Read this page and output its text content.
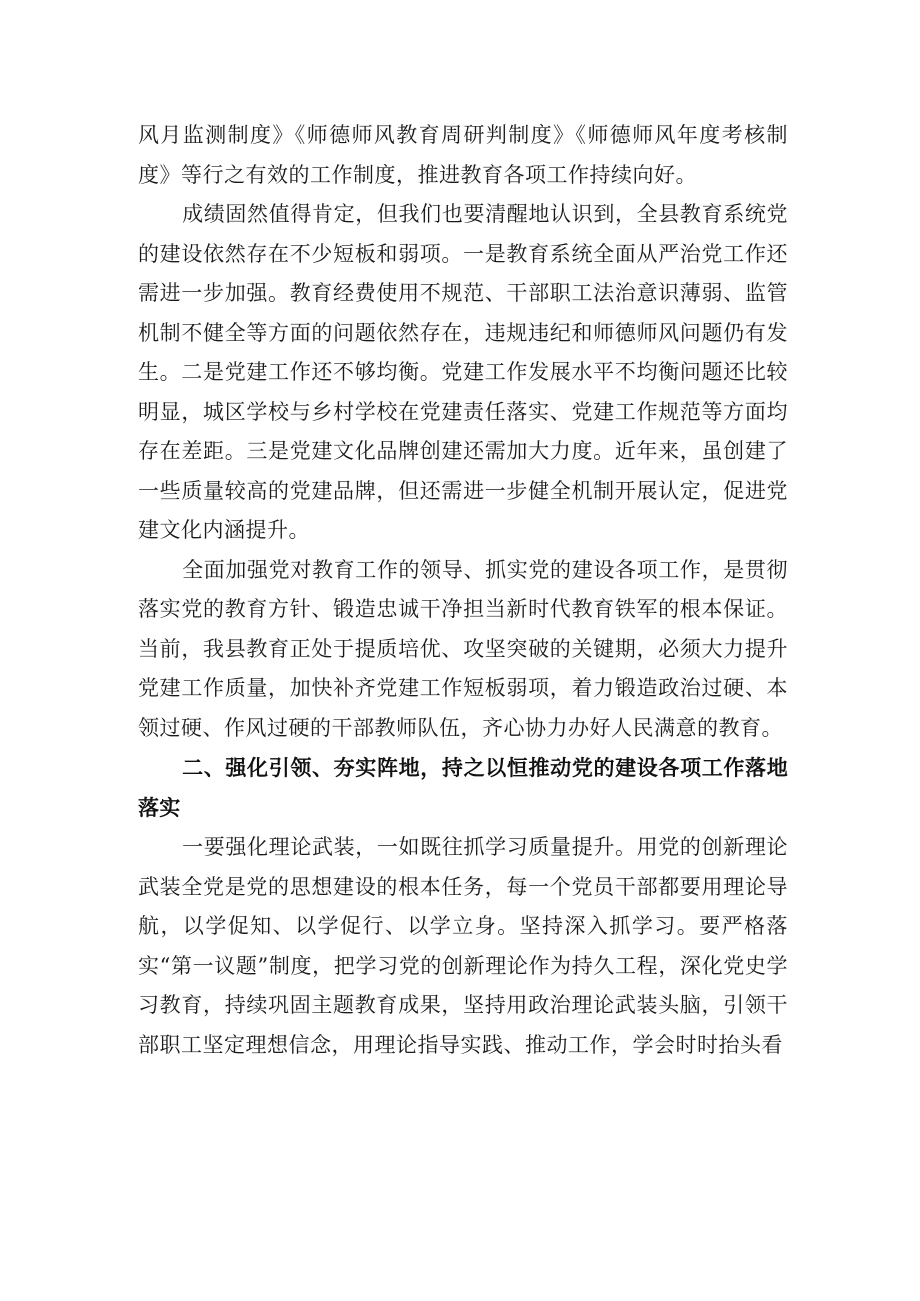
风月监测制度》《师德师风教育周研判制度》《师德师风年度考核制度》等行之有效的工作制度，推进教育各项工作持续向好。

成绩固然值得肯定，但我们也要清醒地认识到，全县教育系统党的建设依然存在不少短板和弱项。一是教育系统全面从严治党工作还需进一步加强。教育经费使用不规范、干部职工法治意识薄弱、监管机制不健全等方面的问题依然存在，违规违纪和师德师风问题仍有发生。二是党建工作还不够均衡。党建工作发展水平不均衡问题还比较明显，城区学校与乡村学校在党建责任落实、党建工作规范等方面均存在差距。三是党建文化品牌创建还需加大力度。近年来，虽创建了一些质量较高的党建品牌，但还需进一步健全机制开展认定，促进党建文化内涵提升。

全面加强党对教育工作的领导、抓实党的建设各项工作，是贯彻落实党的教育方针、锻造忠诚干净担当新时代教育铁军的根本保证。当前，我县教育正处于提质培优、攻坚突破的关键期，必须大力提升党建工作质量，加快补齐党建工作短板弱项，着力锻造政治过硬、本领过硬、作风过硬的干部教师队伍，齐心协力办好人民满意的教育。

二、强化引领、夯实阵地，持之以恒推动党的建设各项工作落地落实

一要强化理论武装，一如既往抓学习质量提升。用党的创新理论武装全党是党的思想建设的根本任务，每一个党员干部都要用理论导航，以学促知、以学促行、以学立身。坚持深入抓学习。要严格落实“第一议题”制度，把学习党的创新理论作为持久工程，深化党史学习教育，持续巩固主题教育成果，坚持用政治理论武装头脑，引领干部职工坚定理想信念，用理论指导实践、推动工作，学会时时抬头看
